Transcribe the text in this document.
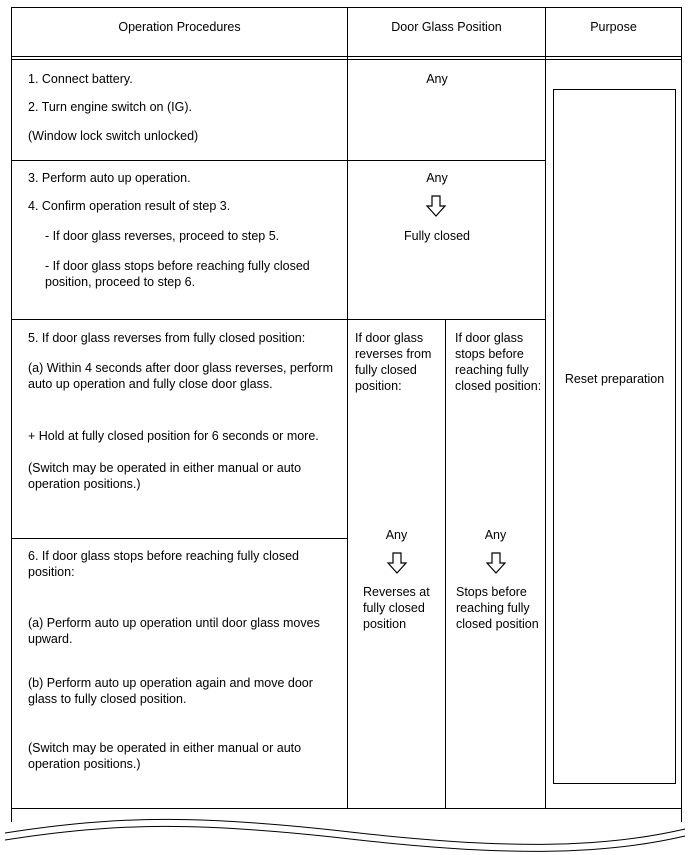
Operation Procedures	Door Glass Position	Purpose
1. Connect battery.
2. Turn engine switch on (IG).
(Window lock switch unlocked)
Any
3. Perform auto up operation.
4. Confirm operation result of step 3.
- If door glass reverses, proceed to step 5.
- If door glass stops before reaching fully closed position, proceed to step 6.
Any
Fully closed
5. If door glass reverses from fully closed position:
(a) Within 4 seconds after door glass reverses, perform auto up operation and fully close door glass.
+ Hold at fully closed position for 6 seconds or more.
(Switch may be operated in either manual or auto operation positions.)
6. If door glass stops before reaching fully closed position:
(a) Perform auto up operation until door glass moves upward.
(b) Perform auto up operation again and move door glass to fully closed position.
(Switch may be operated in either manual or auto operation positions.)
If door glass reverses from fully closed position:
Any
Reverses at fully closed position
If door glass stops before reaching fully closed position:
Any
Stops before reaching fully closed position
Reset preparation
